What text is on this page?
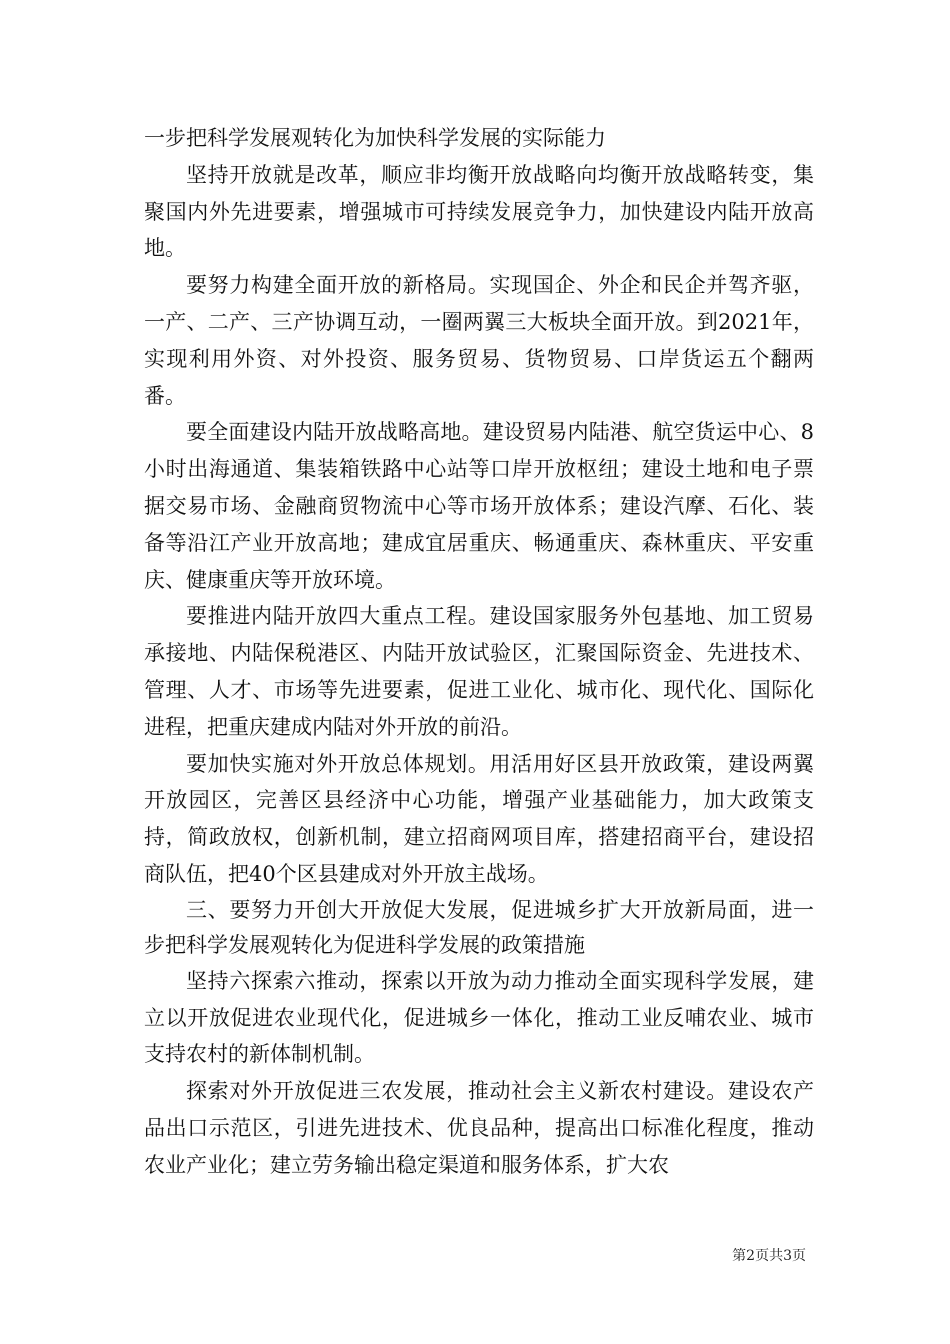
一步把科学发展观转化为加快科学发展的实际能力

坚持开放就是改革，顺应非均衡开放战略向均衡开放战略转变，集聚国内外先进要素，增强城市可持续发展竞争力，加快建设内陆开放高地。

要努力构建全面开放的新格局。实现国企、外企和民企并驾齐驱，一产、二产、三产协调互动，一圈两翼三大板块全面开放。到2021年，实现利用外资、对外投资、服务贸易、货物贸易、口岸货运五个翻两番。

要全面建设内陆开放战略高地。建设贸易内陆港、航空货运中心、8小时出海通道、集装箱铁路中心站等口岸开放枢纽；建设土地和电子票据交易市场、金融商贸物流中心等市场开放体系；建设汽摩、石化、装备等沿江产业开放高地；建成宜居重庆、畅通重庆、森林重庆、平安重庆、健康重庆等开放环境。

要推进内陆开放四大重点工程。建设国家服务外包基地、加工贸易承接地、内陆保税港区、内陆开放试验区，汇聚国际资金、先进技术、管理、人才、市场等先进要素，促进工业化、城市化、现代化、国际化进程，把重庆建成内陆对外开放的前沿。

要加快实施对外开放总体规划。用活用好区县开放政策，建设两翼开放园区，完善区县经济中心功能，增强产业基础能力，加大政策支持，简政放权，创新机制，建立招商网项目库，搭建招商平台，建设招商队伍，把40个区县建成对外开放主战场。

三、要努力开创大开放促大发展，促进城乡扩大开放新局面，进一步把科学发展观转化为促进科学发展的政策措施

坚持六探索六推动，探索以开放为动力推动全面实现科学发展，建立以开放促进农业现代化，促进城乡一体化，推动工业反哺农业、城市支持农村的新体制机制。

探索对外开放促进三农发展，推动社会主义新农村建设。建设农产品出口示范区，引进先进技术、优良品种，提高出口标准化程度，推动农业产业化；建立劳务输出稳定渠道和服务体系，扩大农

第2页共3页
